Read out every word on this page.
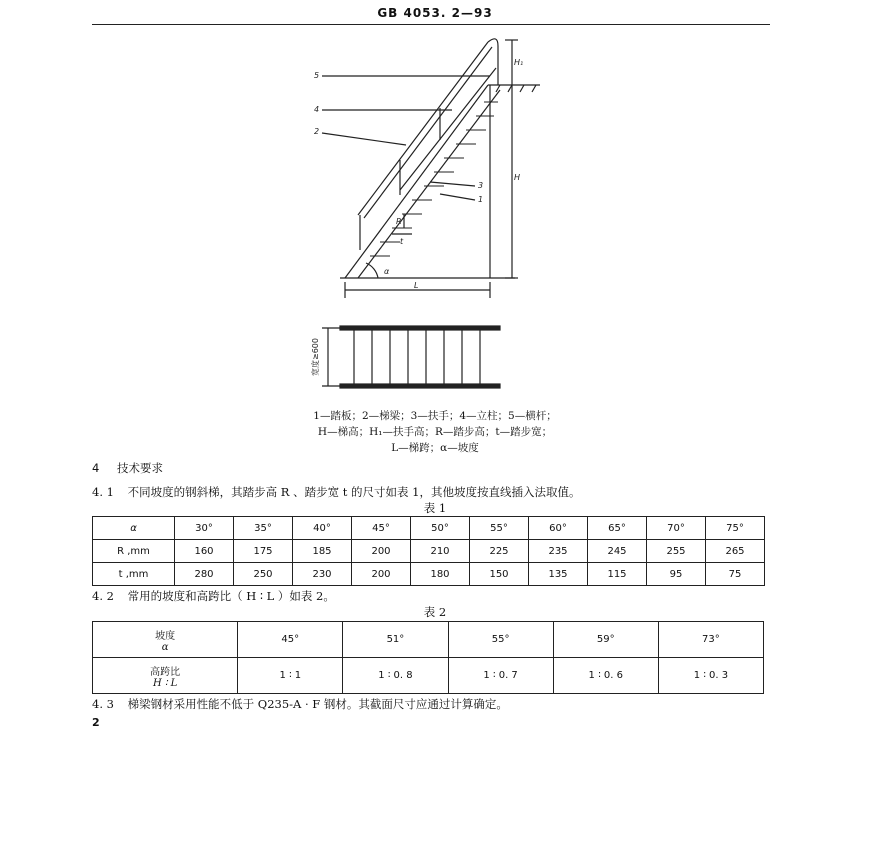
GB 4053. 2—93
5
4
2
3
1
H₁
H
R
t
α
L
宽度≥600
1—踏板；2—梯梁；3—扶手；4—立柱；5—横杆；
H—梯高；H₁—扶手高；R—踏步高；t—踏步宽；
L—梯跨；α—坡度
4 技术要求
4. 1 不同坡度的钢斜梯，其踏步高 R 、踏步宽 t 的尺寸如表 1，其他坡度按直线插入法取值。
表 1
α	30°	35°	40°	45°	50°	55°	60°	65°	70°	75°
R ,mm	160	175	185	200	210	225	235	245	255	265
t ,mm	280	250	230	200	180	150	135	115	95	75
4. 2 常用的坡度和高跨比（ H ∶ L ）如表 2。
表 2
坡度
α	45°	51°	55°	59°	73°

高跨比
H ∶ L	1 ∶ 1	1 ∶ 0. 8	1 ∶ 0. 7	1 ∶ 0. 6	1 ∶ 0. 3
4. 3 梯梁钢材采用性能不低于 Q235-A · F 钢材。其截面尺寸应通过计算确定。
2
